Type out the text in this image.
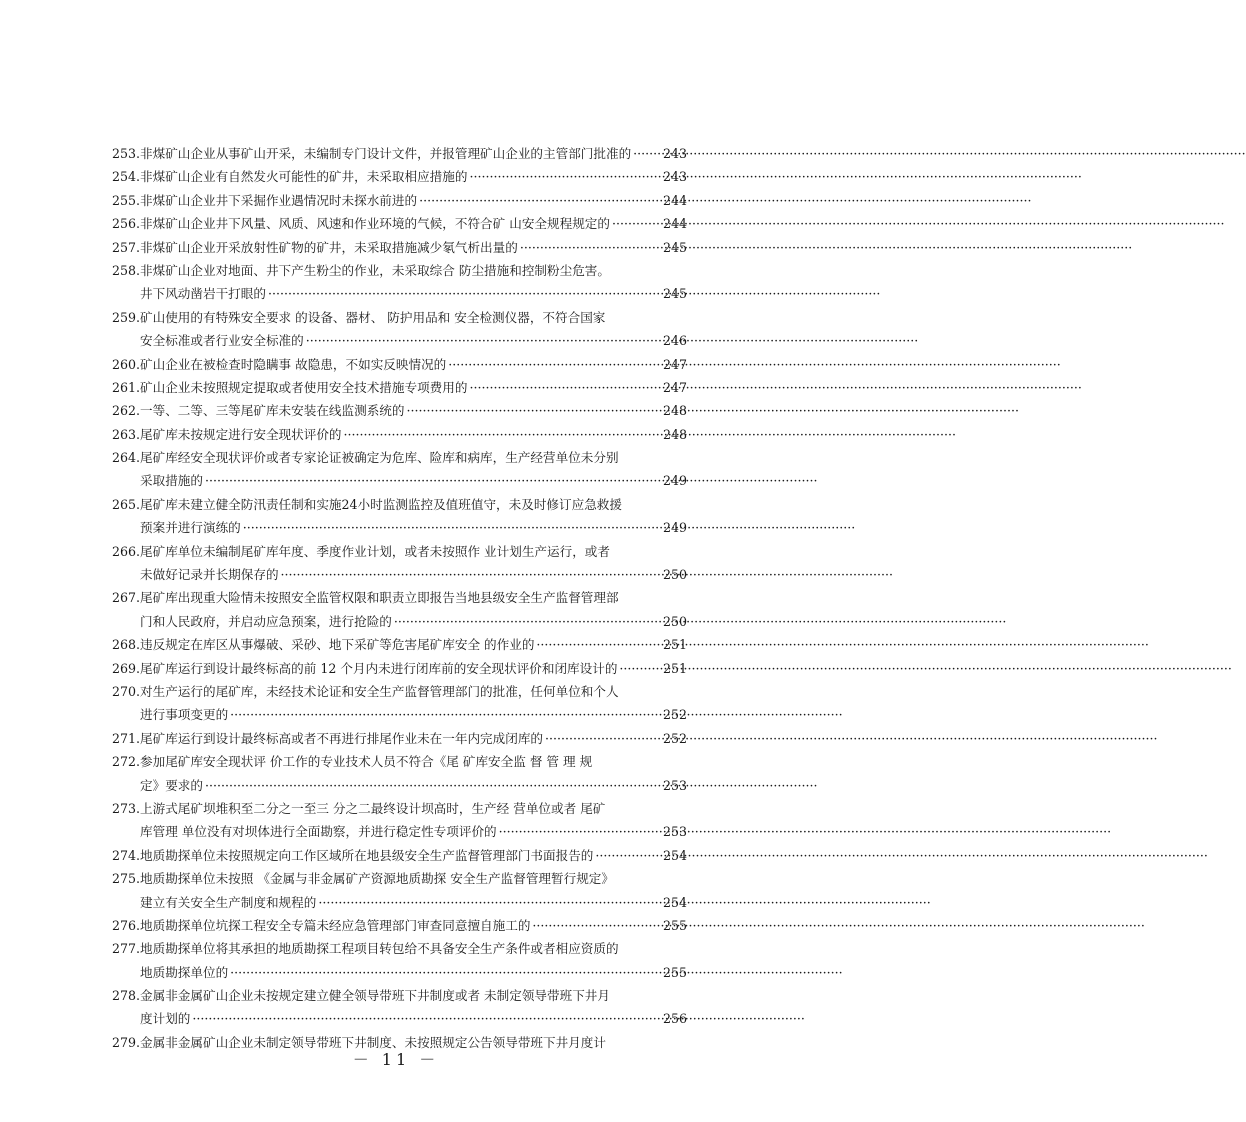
253. 非煤矿山企业从事矿山开采，未编制专门设计文件，并报管理矿山企业的主管部门批准的 ·····	243
254. 非煤矿山企业有自然发火可能性的矿井，未采取相应措施的 ·····	243
255. 非煤矿山企业井下采掘作业遇情况时未探水前进的 ·····	244
256. 非煤矿山企业井下风量、风质、风速和作业环境的气候，不符合矿 山安全规程规定的 ·····	244
257. 非煤矿山企业开采放射性矿物的矿井，未采取措施减少氡气析出量的 ·····	245
258. 非煤矿山企业对地面、井下产生粉尘的作业，未采取综合 防尘措施和控制粉尘危害。
井下风动凿岩干打眼的 ·····	245
259. 矿山使用的有特殊安全要求 的设备、器材、 防护用品和 安全检测仪器，不符合国家
安全标准或者行业安全标准的 ·····	246
260. 矿山企业在被检查时隐瞒事 故隐患，不如实反映情况的 ·····	247
261. 矿山企业未按照规定提取或者使用安全技术措施专项费用的 ·····	247
262. 一等、二等、三等尾矿库未安装在线监测系统的 ·····	248
263. 尾矿库未按规定进行安全现状评价的 ·····	248
264. 尾矿库经安全现状评价或者专家论证被确定为危库、险库和病库，生产经营单位未分别
采取措施的 ·····	249
265. 尾矿库未建立健全防汛责任制和实施24小时监测监控及值班值守，未及时修订应急救援
预案并进行演练的 ·····	249
266. 尾矿库单位未编制尾矿库年度、季度作业计划，或者未按照作 业计划生产运行，或者
未做好记录并长期保存的 ·····	250
267. 尾矿库出现重大险情未按照安全监管权限和职责立即报告当地县级安全生产监督管理部
门和人民政府，并启动应急预案，进行抢险的 ·····	250
268. 违反规定在库区从事爆破、采砂、地下采矿等危害尾矿库安全 的作业的 ·····	251
269. 尾矿库运行到设计最终标高的前 12 个月内未进行闭库前的安全现状评价和闭库设计的 ·····	251
270. 对生产运行的尾矿库，未经技术论证和安全生产监督管理部门的批准，任何单位和个人
进行事项变更的 ·····	252
271. 尾矿库运行到设计最终标高或者不再进行排尾作业未在一年内完成闭库的 ·····	252
272. 参加尾矿库安全现状评 价工作的专业技术人员不符合《尾 矿库安全监 督 管 理 规
定》要求的 ·····	253
273. 上游式尾矿坝堆积至二分之一至三 分之二最终设计坝高时，生产经 营单位或者 尾矿
库管理 单位没有对坝体进行全面勘察，并进行稳定性专项评价的 ·····	253
274. 地质勘探单位未按照规定向工作区域所在地县级安全生产监督管理部门书面报告的 ·····	254
275. 地质勘探单位未按照 《金属与非金属矿产资源地质勘探 安全生产监督管理暂行规定》
建立有关安全生产制度和规程的 ·····	254
276. 地质勘探单位坑探工程安全专篇未经应急管理部门审查同意擅自施工的 ·····	255
277. 地质勘探单位将其承担的地质勘探工程项目转包给不具备安全生产条件或者相应资质的
地质勘探单位的 ·····	255
278. 金属非金属矿山企业未按规定建立健全领导带班下井制度或者 未制定领导带班下井月
度计划的 ·····	256
279. 金属非金属矿山企业未制定领导带班下井制度、未按照规定公告领导带班下井月度计
－ 11 －
